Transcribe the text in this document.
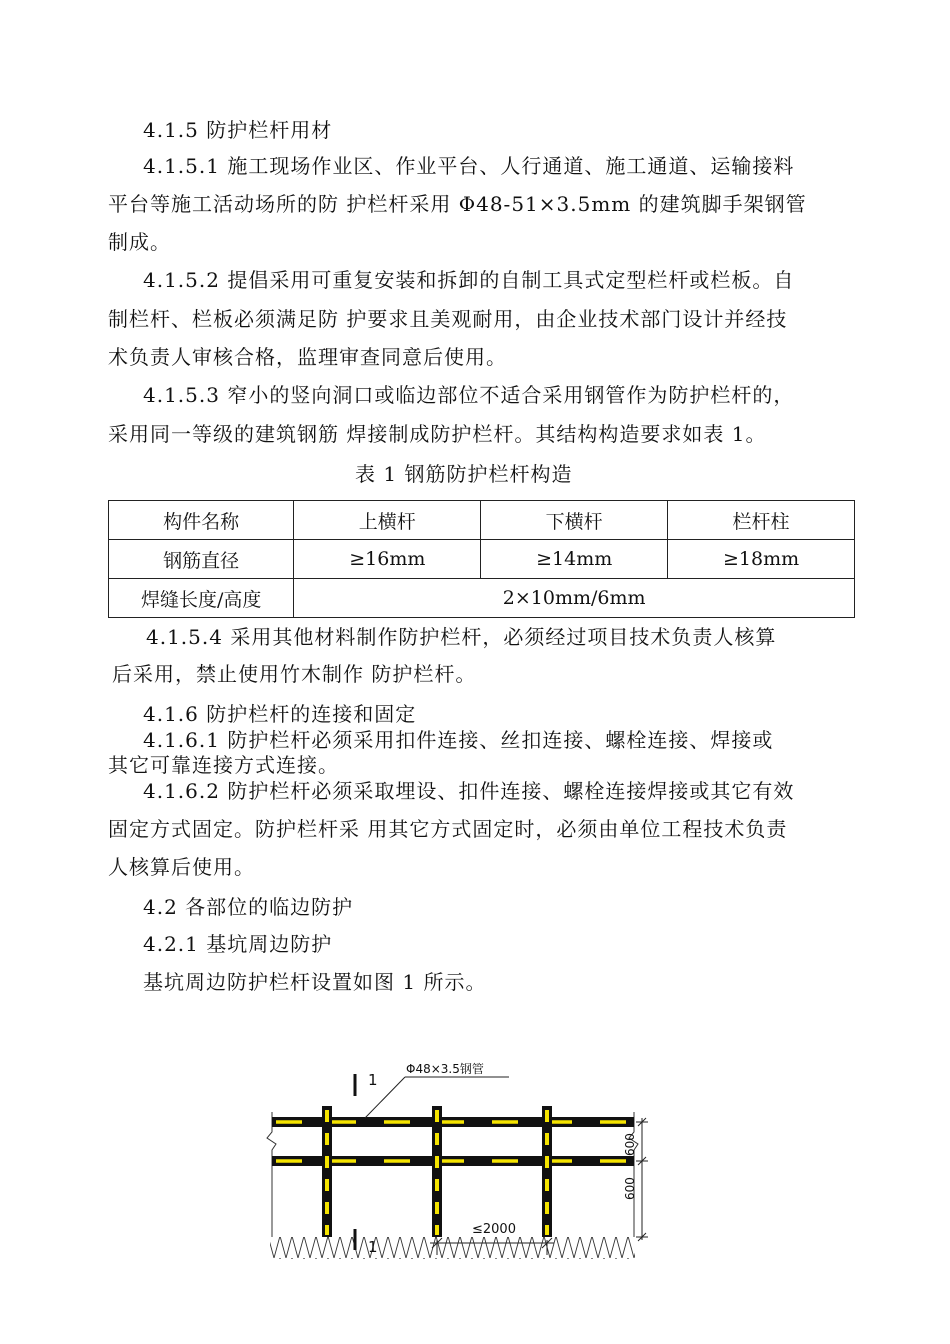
4.1.5 防护栏杆用材
4.1.5.1 施工现场作业区、作业平台、人行通道、施工通道、运输接料
平台等施工活动场所的防 护栏杆采用 Φ48-51×3.5mm 的建筑脚手架钢管
制成。
4.1.5.2 提倡采用可重复安装和拆卸的自制工具式定型栏杆或栏板。自
制栏杆、栏板必须满足防 护要求且美观耐用，由企业技术部门设计并经技
术负责人审核合格，监理审查同意后使用。
4.1.5.3 窄小的竖向洞口或临边部位不适合采用钢管作为防护栏杆的，
采用同一等级的建筑钢筋 焊接制成防护栏杆。其结构构造要求如表 1。
表 1 钢筋防护栏杆构造
构件名称	上横杆	下横杆	栏杆柱
钢筋直径	≥16mm	≥14mm	≥18mm
焊缝长度/高度	2×10mm/6mm		
4.1.5.4 采用其他材料制作防护栏杆，必须经过项目技术负责人核算
后采用，禁止使用竹木制作 防护栏杆。
4.1.6 防护栏杆的连接和固定
4.1.6.1 防护栏杆必须采用扣件连接、丝扣连接、螺栓连接、焊接或
其它可靠连接方式连接。
4.1.6.2 防护栏杆必须采取埋设、扣件连接、螺栓连接焊接或其它有效
固定方式固定。防护栏杆采 用其它方式固定时，必须由单位工程技术负责
人核算后使用。
4.2 各部位的临边防护
4.2.1 基坑周边防护
基坑周边防护栏杆设置如图 1 所示。
Φ48×3.5钢管
1
1
≤2000
600
600
